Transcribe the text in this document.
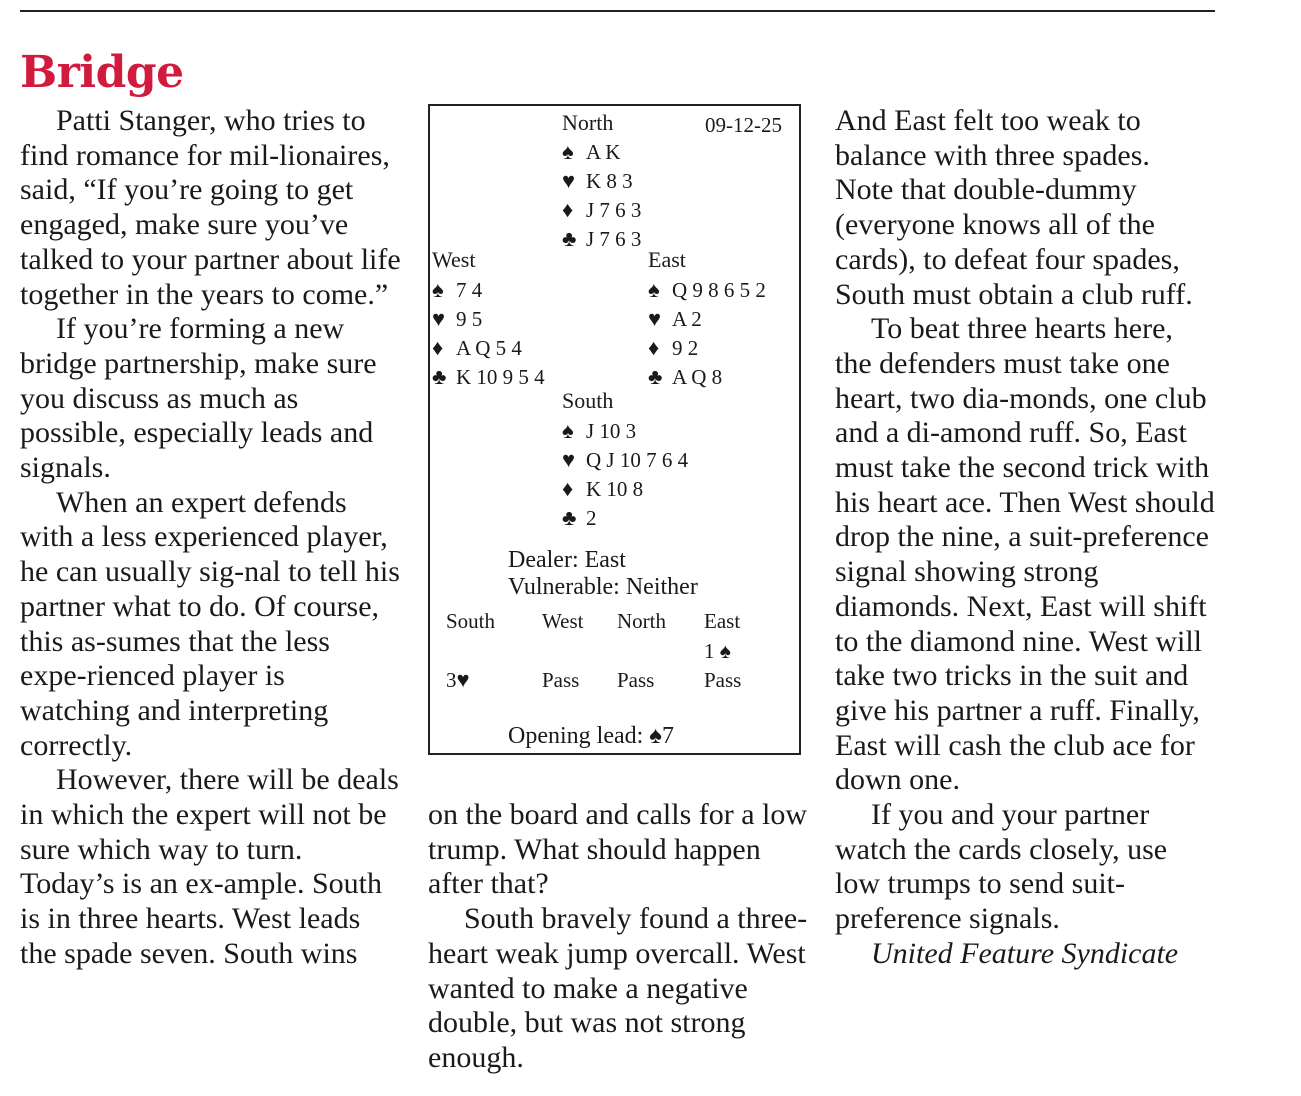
Bridge

Patti Stanger, who tries to find romance for mil-lionaires, said, “If you’re going to get engaged, make sure you’ve talked to your partner about life together in the years to come.”

If you’re forming a new bridge partnership, make sure you discuss as much as possible, especially leads and signals.

When an expert defends with a less experienced player, he can usually sig-nal to tell his partner what to do. Of course, this as-sumes that the less expe-rienced player is watching and interpreting correctly.

However, there will be deals in which the expert will not be sure which way to turn. Today’s is an ex-ample. South is in three hearts. West leads the spade seven. South wins

North	09-12-25
♠ A K
♥ K 8 3
♦ J 7 6 3
♣ J 7 6 3
West
♠ 7 4
♥ 9 5
♦ A Q 5 4
♣ K 10 9 5 4
East
♠ Q 9 8 6 5 2
♥ A 2
♦ 9 2
♣ A Q 8
South
♠ J 10 3
♥ Q J 10 7 6 4
♦ K 10 8
♣ 2
Dealer: East
Vulnerable: Neither
South West North East
1 ♠
3♥	Pass Pass Pass
Opening lead: ♠7

on the board and calls for a low trump. What should happen after that?

South bravely found a three-heart weak jump overcall. West wanted to make a negative double, but was not strong enough.

And East felt too weak to balance with three spades. Note that double-dummy (everyone knows all of the cards), to defeat four spades, South must obtain a club ruff.

To beat three hearts here, the defenders must take one heart, two dia-monds, one club and a di-amond ruff. So, East must take the second trick with his heart ace. Then West should drop the nine, a suit-preference signal showing strong diamonds. Next, East will shift to the diamond nine. West will take two tricks in the suit and give his partner a ruff. Finally, East will cash the club ace for down one.

If you and your partner watch the cards closely, use low trumps to send suit-preference signals.

United Feature Syndicate
